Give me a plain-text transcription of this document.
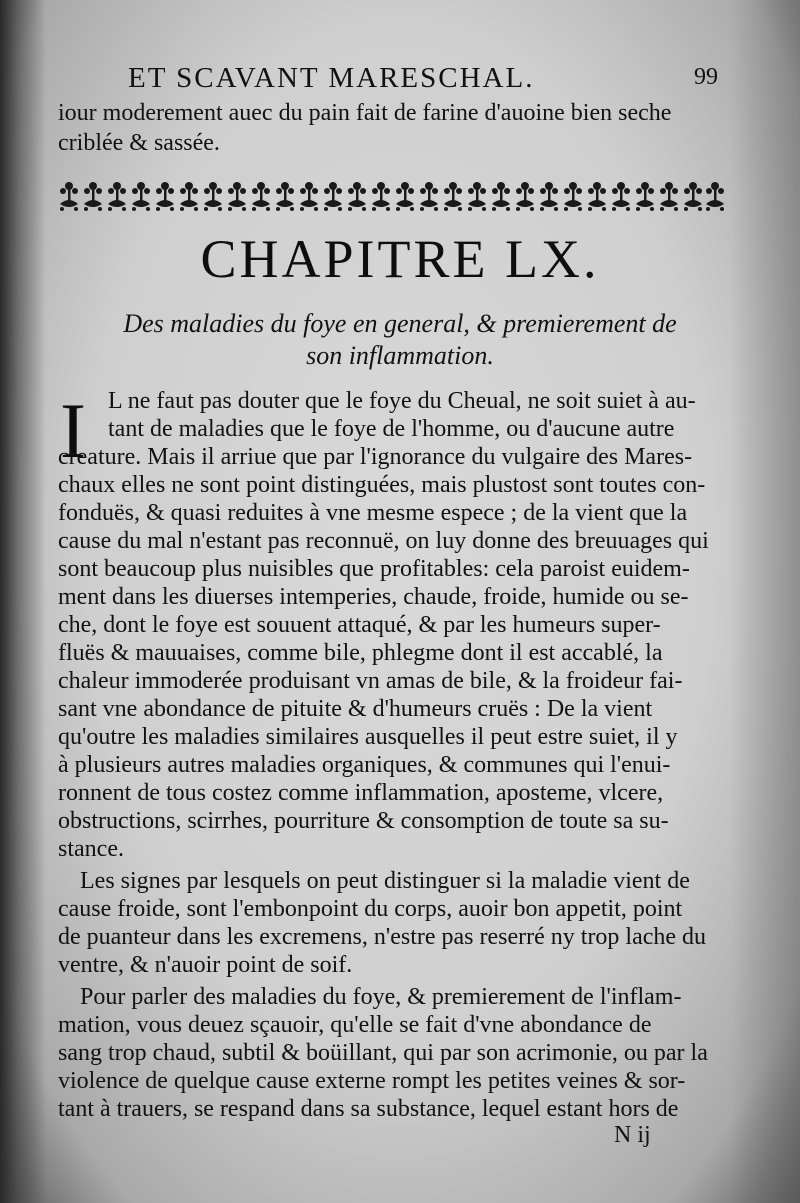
ET SCAVANT MARESCHAL.	99

iour moderement auec du pain fait de farine d'auoine bien seche

criblée & sassée.

CHAPITRE LX.

Des maladies du foye en general, & premierement de

son inflammation.

I L ne faut pas douter que le foye du Cheual, ne soit suiet à au-

tant de maladies que le foye de l'homme, ou d'aucune autre

creature. Mais il arriue que par l'ignorance du vulgaire des Mares-

chaux elles ne sont point distinguées, mais plustost sont toutes con-

fonduës, & quasi reduites à vne mesme espece ; de la vient que la

cause du mal n'estant pas reconnuë, on luy donne des breuuages qui

sont beaucoup plus nuisibles que profitables: cela paroist euidem-

ment dans les diuerses intemperies, chaude, froide, humide ou se-

che, dont le foye est souuent attaqué, & par les humeurs super-

fluës & mauuaises, comme bile, phlegme dont il est accablé, la

chaleur immoderée produisant vn amas de bile, & la froideur fai-

sant vne abondance de pituite & d'humeurs cruës : De la vient

qu'outre les maladies similaires ausquelles il peut estre suiet, il y

à plusieurs autres maladies organiques, & communes qui l'enui-

ronnent de tous costez comme inflammation, aposteme, vlcere,

obstructions, scirrhes, pourriture & consomption de toute sa su-

stance.

Les signes par lesquels on peut distinguer si la maladie vient de

cause froide, sont l'embonpoint du corps, auoir bon appetit, point

de puanteur dans les excremens, n'estre pas reserré ny trop lache du

ventre, & n'auoir point de soif.

Pour parler des maladies du foye, & premierement de l'inflam-

mation, vous deuez sçauoir, qu'elle se fait d'vne abondance de

sang trop chaud, subtil & boüillant, qui par son acrimonie, ou par la

violence de quelque cause externe rompt les petites veines & sor-

tant à trauers, se respand dans sa substance, lequel estant hors de

N ij
